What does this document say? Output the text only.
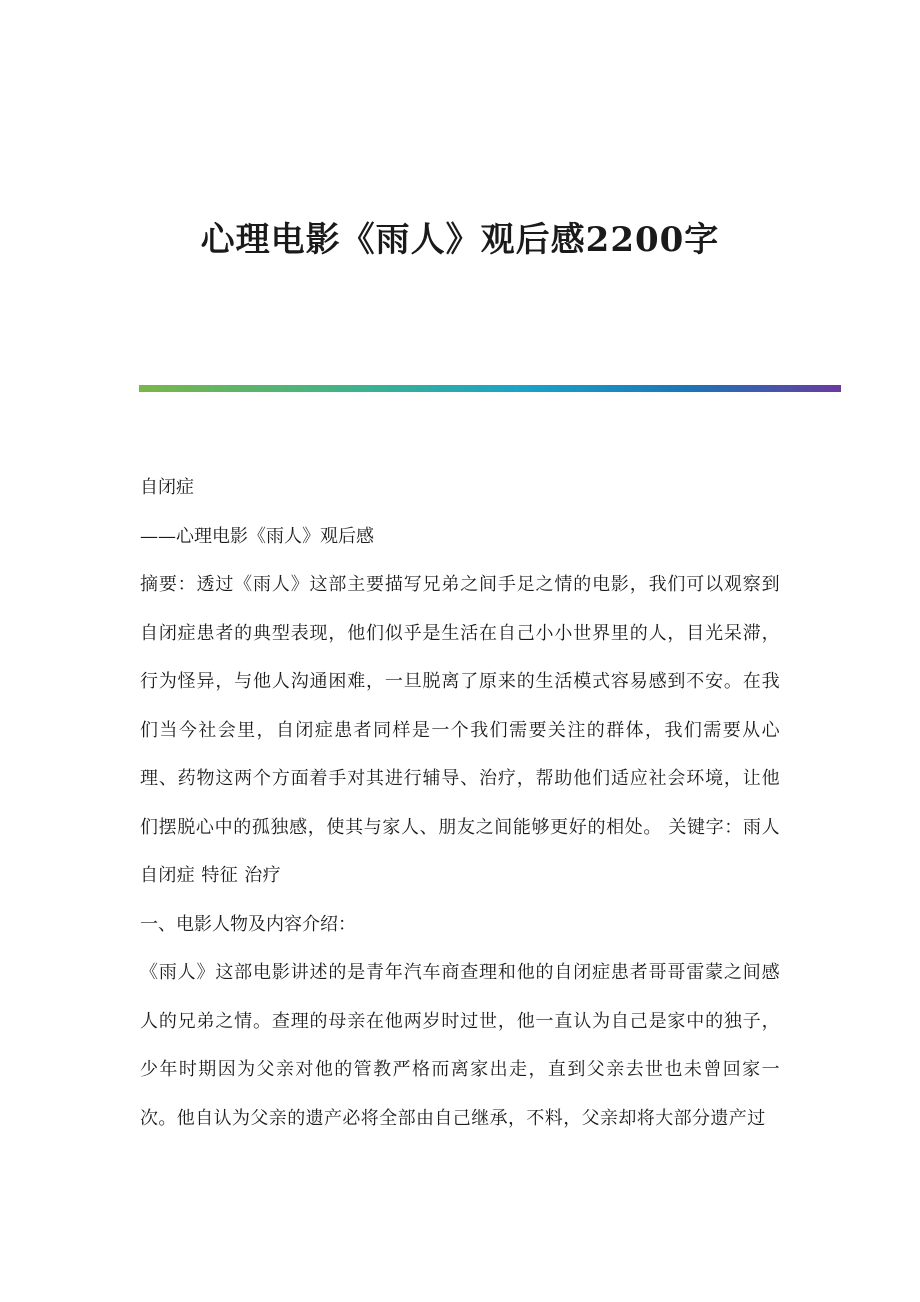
心理电影《雨人》观后感2200字

自闭症

——心理电影《雨人》观后感

摘要：透过《雨人》这部主要描写兄弟之间手足之情的电影，我们可以观察到自闭症患者的典型表现，他们似乎是生活在自己小小世界里的人，目光呆滞，行为怪异，与他人沟通困难，一旦脱离了原来的生活模式容易感到不安。在我们当今社会里，自闭症患者同样是一个我们需要关注的群体，我们需要从心理、药物这两个方面着手对其进行辅导、治疗，帮助他们适应社会环境，让他们摆脱心中的孤独感，使其与家人、朋友之间能够更好的相处。 关键字：雨人 自闭症 特征 治疗

一、电影人物及内容介绍：

《雨人》这部电影讲述的是青年汽车商查理和他的自闭症患者哥哥雷蒙之间感人的兄弟之情。查理的母亲在他两岁时过世，他一直认为自己是家中的独子，少年时期因为父亲对他的管教严格而离家出走，直到父亲去世也未曾回家一次。他自认为父亲的遗产必将全部由自己继承，不料，父亲却将大部分遗产过
